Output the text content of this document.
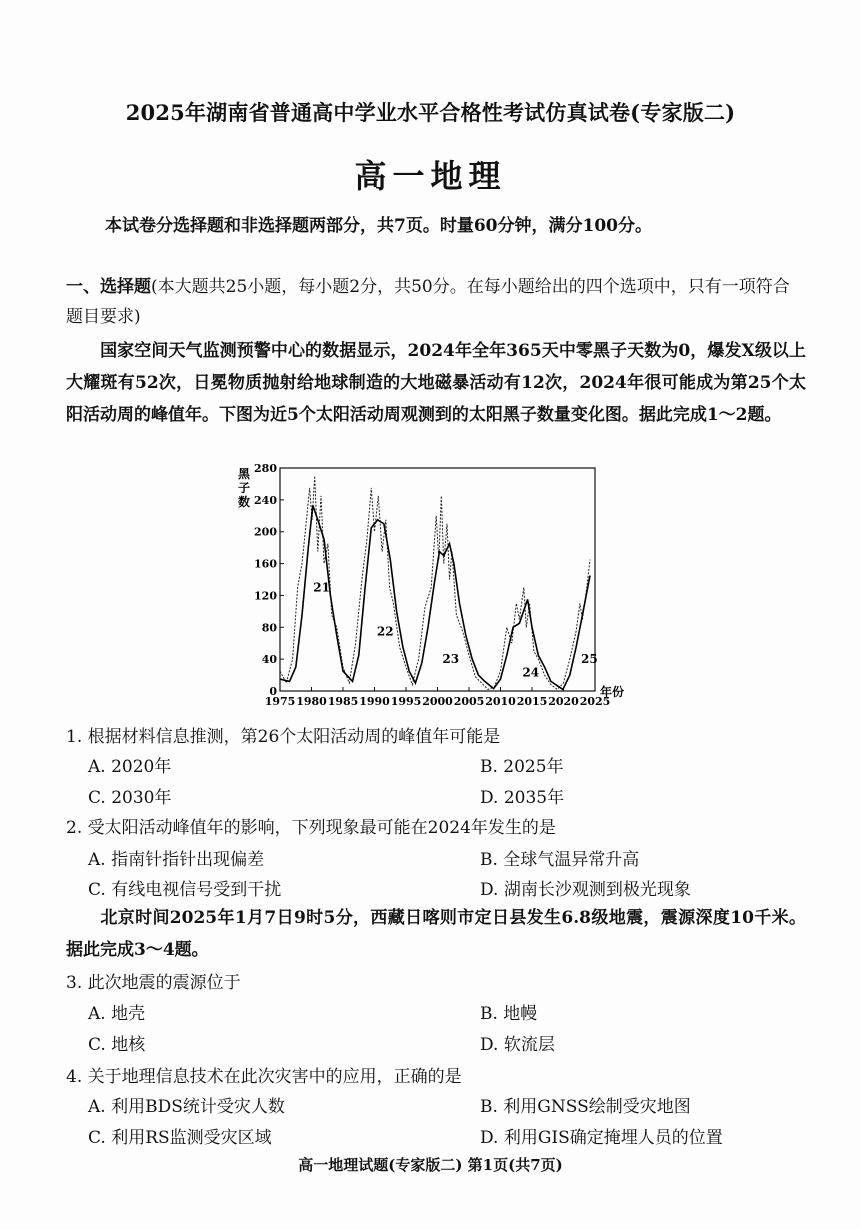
2025年湖南省普通高中学业水平合格性考试仿真试卷(专家版二)
高一地理
本试卷分选择题和非选择题两部分，共7页。时量60分钟，满分100分。
一、选择题(本大题共25小题，每小题2分，共50分。在每小题给出的四个选项中，只有一项符合题目要求)
国家空间天气监测预警中心的数据显示，2024年全年365天中零黑子天数为0，爆发X级以上大耀斑有52次，日冕物质抛射给地球制造的大地磁暴活动有12次，2024年很可能成为第25个太阳活动周的峰值年。下图为近5个太阳活动周观测到的太阳黑子数量变化图。据此完成1～2题。
黑
子
数
1975 1980 1985 1990 1995 2000 2005 2010 2015 2020 2025
0
40
80
120
160
200
240
280
21
22
23
24
25
年份
1. 根据材料信息推测，第26个太阳活动周的峰值年可能是
A. 2020年	B. 2025年
C. 2030年	D. 2035年
2. 受太阳活动峰值年的影响，下列现象最可能在2024年发生的是
A. 指南针指针出现偏差	B. 全球气温异常升高
C. 有线电视信号受到干扰	D. 湖南长沙观测到极光现象
北京时间2025年1月7日9时5分，西藏日喀则市定日县发生6.8级地震，震源深度10千米。据此完成3～4题。
3. 此次地震的震源位于
A. 地壳	B. 地幔
C. 地核	D. 软流层
4. 关于地理信息技术在此次灾害中的应用，正确的是
A. 利用BDS统计受灾人数	B. 利用GNSS绘制受灾地图
C. 利用RS监测受灾区域	D. 利用GIS确定掩埋人员的位置
高一地理试题(专家版二) 第1页(共7页)
